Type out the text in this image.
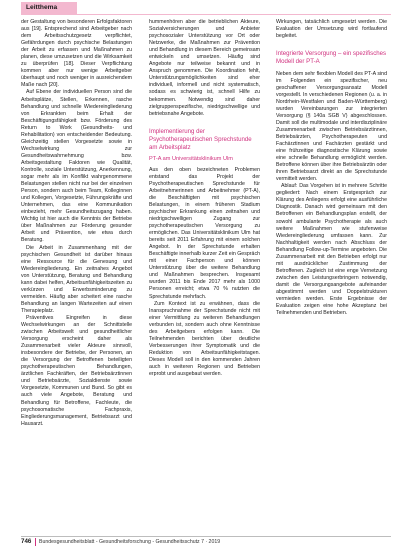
Leitthema

der Gestaltung von besonderen Erfolgsfaktoren aus [19]. Entsprechend sind Arbeitgeber nach dem Arbeitsschutzgesetz verpflichtet, Gefährdungen durch psychische Belastungen der Arbeit zu erfassen und Maßnahmen zu planen, diese umzusetzen und die Wirksamkeit zu überprüfen [18]. Dieser Verpflichtung kommen aber nur wenige Arbeitgeber überhaupt und noch weniger in ausreichendem Maße nach [20].

Auf Ebene der individuellen Person sind die Arbeitsplätze, Stellen, Erkennen, rasche Behandlung und schnelle Wiedereingliederung von Erkrankten beim Erhalt der Beschäftigungsfähigkeit bzw. Förderung des Return to Work (Gesundheits- und Rehabilitation) von entscheidender Bedeutung. Gleichzeitig stellen Vorgesetzte sowie in Wechselwirkung zur Gesundheitswahrnehmung bzw. Arbeitsgestaltung Faktoren wie Qualität, Kontrolle, soziale Unterstützung, Anerkennung, sogar mehr als im Konflikt wahrgenommene Belastungen stellen nicht nur bei der einzelnen Person, sondern auch beim Team, Kolleginnen und Kollegen, Vorgesetzte, Führungskräfte und Unternehmen, das eine Kommunikation einbezieht, mehr Gesundheitszugang haben. Wichtig ist hier auch die Kenntnis der Betriebe über Maßnahmen zur Förderung gesunder Arbeit und Prävention, wie etwa durch Beratung.

Die Arbeit in Zusammenhang mit der psychischen Gesundheit ist darüber hinaus eine Ressource für die Genesung und Wiedereingliederung. Ein zeitnahes Angebot von Unterstützung, Beratung und Behandlung kann dabei helfen, Arbeitsunfähigkeitszeiten zu verkürzen und Erwerbsminderung zu vermeiden. Häufig aber scheitert eine rasche Behandlung an langen Wartezeiten auf einen Therapieplatz.

Präventives Eingreifen in diese Wechselwirkungen an der Schnittstelle zwischen Arbeitswelt und gesundheitlicher Versorgung erscheint daher als Zusammenarbeit vieler Akteure sinnvoll, insbesondere der Betriebe, der Personen, an die Versorgung der Betroffenen beteiligten psychotherapeutischen Behandlungen, ärztlichen Fachkräften, der Betriebsärztinnen und Betriebsärzte, Sozialdienste sowie Vorgesetzte, Kommunen und Bund. So gibt es auch viele Angebote, Beratung und Behandlung für Betroffene, Fachleute, die psychosomatische Fachpraxis, Eingliederungsmanagement, Betriebsarzt und Hausarzt.

hummenhören aber die betrieblichen Akteure, Sozialversicherungen und Anbieter psychosozialer Unterstützung vor Ort oder Netzwerke, die Maßnahmen zur Prävention und Behandlung in diesem Bereich gemeinsam entwickeln und umsetzen. Häufig sind Angebote nur teilweise bekannt und in Anspruch genommen. Die Koordination fehlt, Unterstützungsmöglichkeiten sind eher individuell, informell und nicht systematisch, sodass es schwierig ist, schnell Hilfe zu bekommen. Notwendig sind daher zielgruppenspezifische, niedrigschwellige und betriebsnahe Angebote.

Implementierung der Psychotherapeutischen Sprechstunde am Arbeitsplatz
PT-A am Universitätsklinikum Ulm

Aus den oben bezeichneten Problemen entstand das Projekt der Psychotherapeutischen Sprechstunde für Arbeitnehmerinnen und Arbeitnehmer (PT-A), die Beschäftigten mit psychischen Belastungen, in einem früheren Stadium psychischer Erkrankung einen zeitnahen und niedrigschwelligen Zugang zur psychotherapeutischen Versorgung zu ermöglichen. Das Universitätsklinikum Ulm hat bereits seit 2011 Erfahrung mit einem solchen Angebot. In der Sprechstunde erhalten Beschäftigte innerhalb kurzer Zeit ein Gespräch mit einer Fachperson und können Unterstützung über die weitere Behandlung und Maßnahmen besprechen. Insgesamt wurden 2011 bis Ende 2017 mehr als 1000 Personen erreicht; etwa 70 % nutzten die Sprechstunde mehrfach.

Zum Kontext ist zu erwähnen, dass die Inanspruchnahme der Sprechstunde nicht mit einer Vermittlung zu weiteren Behandlungen verbunden ist, sondern auch ohne Kenntnisse des Arbeitgebers erfolgen kann. Die Teilnehmenden berichten über deutliche Verbesserungen ihrer Symptomatik und die Reduktion von Arbeitsunfähigkeitstagen. Dieses Modell soll in den kommenden Jahren auch in weiteren Regionen und Betrieben erprobt und ausgebaut werden.

Wirkungen, tatsächlich umgesetzt werden. Die Evaluation der Umsetzung wird fortlaufend begleitet.

Integrierte Versorgung – ein spezifisches Modell der PT-A

Neben dem sehr flexiblen Modell des PT-A sind im Folgenden ein spezifischer, neu geschaffener Versorgungsansatz Modell vorgestellt. In verschiedenen Regionen (u. a. in Nordrhein-Westfalen und Baden-Württemberg) wurden Vereinbarungen zur integrierten Versorgung (§ 140a SGB V) abgeschlossen. Damit soll die multimodale und interdisziplinäre Zusammenarbeit zwischen Betriebsärztinnen, Betriebsärzten, Psychotherapeuten und Fachärztinnen und Fachärzten gestärkt und eine frühzeitige diagnostische Klärung sowie eine schnelle Behandlung ermöglicht werden. Betroffene können über ihre Betriebsärztin oder ihren Betriebsarzt direkt an die Sprechstunde vermittelt werden.

Ablauf: Das Vorgehen ist in mehrere Schritte gegliedert: Nach einem Erstgespräch zur Klärung des Anliegens erfolgt eine ausführliche Diagnostik. Danach wird gemeinsam mit den Betroffenen ein Behandlungsplan erstellt, der sowohl ambulante Psychotherapie als auch weitere Maßnahmen wie stufenweise Wiedereingliederung umfassen kann. Zur Nachhaltigkeit werden nach Abschluss der Behandlung Follow-up-Termine angeboten. Die Zusammenarbeit mit den Betrieben erfolgt nur mit ausdrücklicher Zustimmung der Betroffenen. Zugleich ist eine enge Vernetzung zwischen den Leistungserbringern notwendig, damit die Versorgungsangebote aufeinander abgestimmt werden und Doppelstrukturen vermieden werden. Erste Ergebnisse der Evaluation zeigen eine hohe Akzeptanz bei Teilnehmenden und Betrieben.

746 Bundesgesundheitsblatt - Gesundheitsforschung - Gesundheitsschutz 7 · 2019
